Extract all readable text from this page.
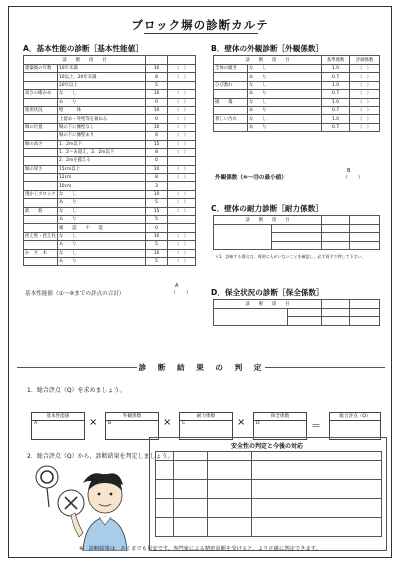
ブロック塀の診断カルテ
A．基本性能の診断［基本性能値］
診　　断　　項　　目			
建築後の年数	10年未満	10	（　）
	10以上，20年未満	8	（　）
	20年以上	5	
高さの確かめ	な　　し	10	（　）
	あ　　り	0	（　）
使用状況	壁　　　体	10	（　）
	土留め・外壁等を兼ねる	0	（　）
塀の位置	塀の下に擁壁なし	10	（　）
	塀の下に擁壁あり	6	（　）
塀の高さ	1．2m以下	15	（　）
	1．2〜あ超え，2．2m以下	8	（　）
	2．2mを越える	0	
塀の厚さ	15cm以上	10	（　）
	12cm	8	（　）
	10cm	3	
透かしブロック	な　　し	10	（　）
	あ　　り	5	（　）
鉄　　筋	な　　し	15	（　）
	あ　　り	5	
	確　　認　　不　　能	0	
控え壁・控え柱	な　　し	10	（　）
	あ　　り	5	（　）
か　さ　木	な　　し	10	（　）
	あ　　り	5	（　）
基本性能値（①〜⑨までの評点の合計）
A
（　　）
B．壁体の外観診断［外観係数］
診　　断　　項　　目		基準係数	評価係数
全体の傾き	な　　し	1.0	（　）
	あ　　り	0.7	（　）
ひび割れ	な　　し	1.0	（　）
	あ　　り	0.7	（　）
損　　傷	な　　し	1.0	（　）
	あ　　り	0.7	（　）
著しい汚れ	な　　し	1.0	（　）
	あ　　り	0.7	（　）
外観係数（⑩〜⑬の最小値）
B
（　　）
C．壁体の耐力診断［耐力係数］
診　　断　　項　　目			

＊1　診断する場合は，周囲に人がいないことを確認し，必ず両手で押して下さい。
D．保全状況の診断［保全係数］
診　　断　　項　　目			

診　断　結　果　の　判　定
1．総合評点（Q）を求めましょう。
基本性能値
A	×
外観係数
B	×
耐力係数
C	×
保全係数
D	＝
総合評点（Q）
2．総合評点（Q）から，診断結果を判定しましょう。
安全性の判定と今後の対応

※　診断結果は，あくまでも目安です。専門家による精密診断を受けると，より正確に判定できます。
